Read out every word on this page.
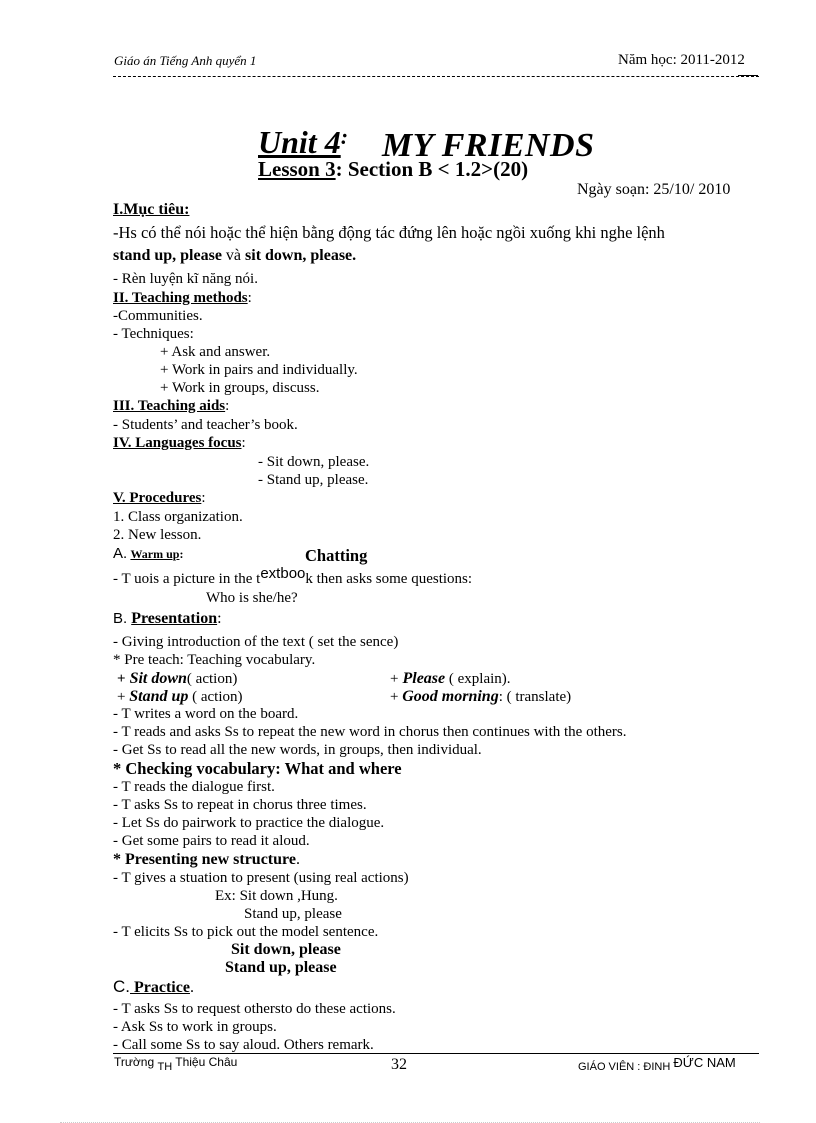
Giáo án Tiếng Anh quyển 1	Năm học: 2011-2012
Unit 4: MY FRIENDS
Lesson 3: Section B < 1.2>(20)
Ngày soạn: 25/10/ 2010
I.Mục tiêu:
-Hs có thể nói hoặc thể hiện bằng động tác đứng lên hoặc ngồi xuống khi nghe lệnh
stand up, please và sit down, please.
- Rèn luyện kĩ năng nói.
II. Teaching methods:
-Communities.
- Techniques:
+ Ask and answer.
+ Work in pairs and individually.
+ Work in groups, discuss.
III. Teaching aids:
- Students’ and teacher’s book.
IV. Languages focus:
- Sit down, please.
- Stand up, please.
V. Procedures:
1. Class organization.
2. New lesson.
A. Warm up:	Chatting
- T uois a picture in the textbook then asks some questions:
Who is she/he?
B. Presentation:
- Giving introduction of the text ( set the sence)
* Pre teach: Teaching vocabulary.
+ Sit down( action)	+ Please ( explain).
+ Stand up ( action)	+ Good morning: ( translate)
- T writes a word on the board.
- T reads and asks Ss to repeat the new word in chorus then continues with the others.
- Get Ss to read all the new words, in groups, then individual.
* Checking vocabulary: What and where
- T reads the dialogue first.
- T asks Ss to repeat in chorus three times.
- Let Ss do pairwork to practice the dialogue.
- Get some pairs to read it aloud.
* Presenting new structure.
- T gives a stuation to present (using real actions)
Ex: Sit down ,Hung.
Stand up, please
- T elicits Ss to pick out the model sentence.
Sit down, please
Stand up, please
C. Practice.
- T asks Ss to request othersto do these actions.
- Ask Ss to work in groups.
- Call some Ss to say aloud. Others remark.
Trường TH Thiệu Châu	32	GIÁO VIÊN : ĐINH ĐỨC NAM
